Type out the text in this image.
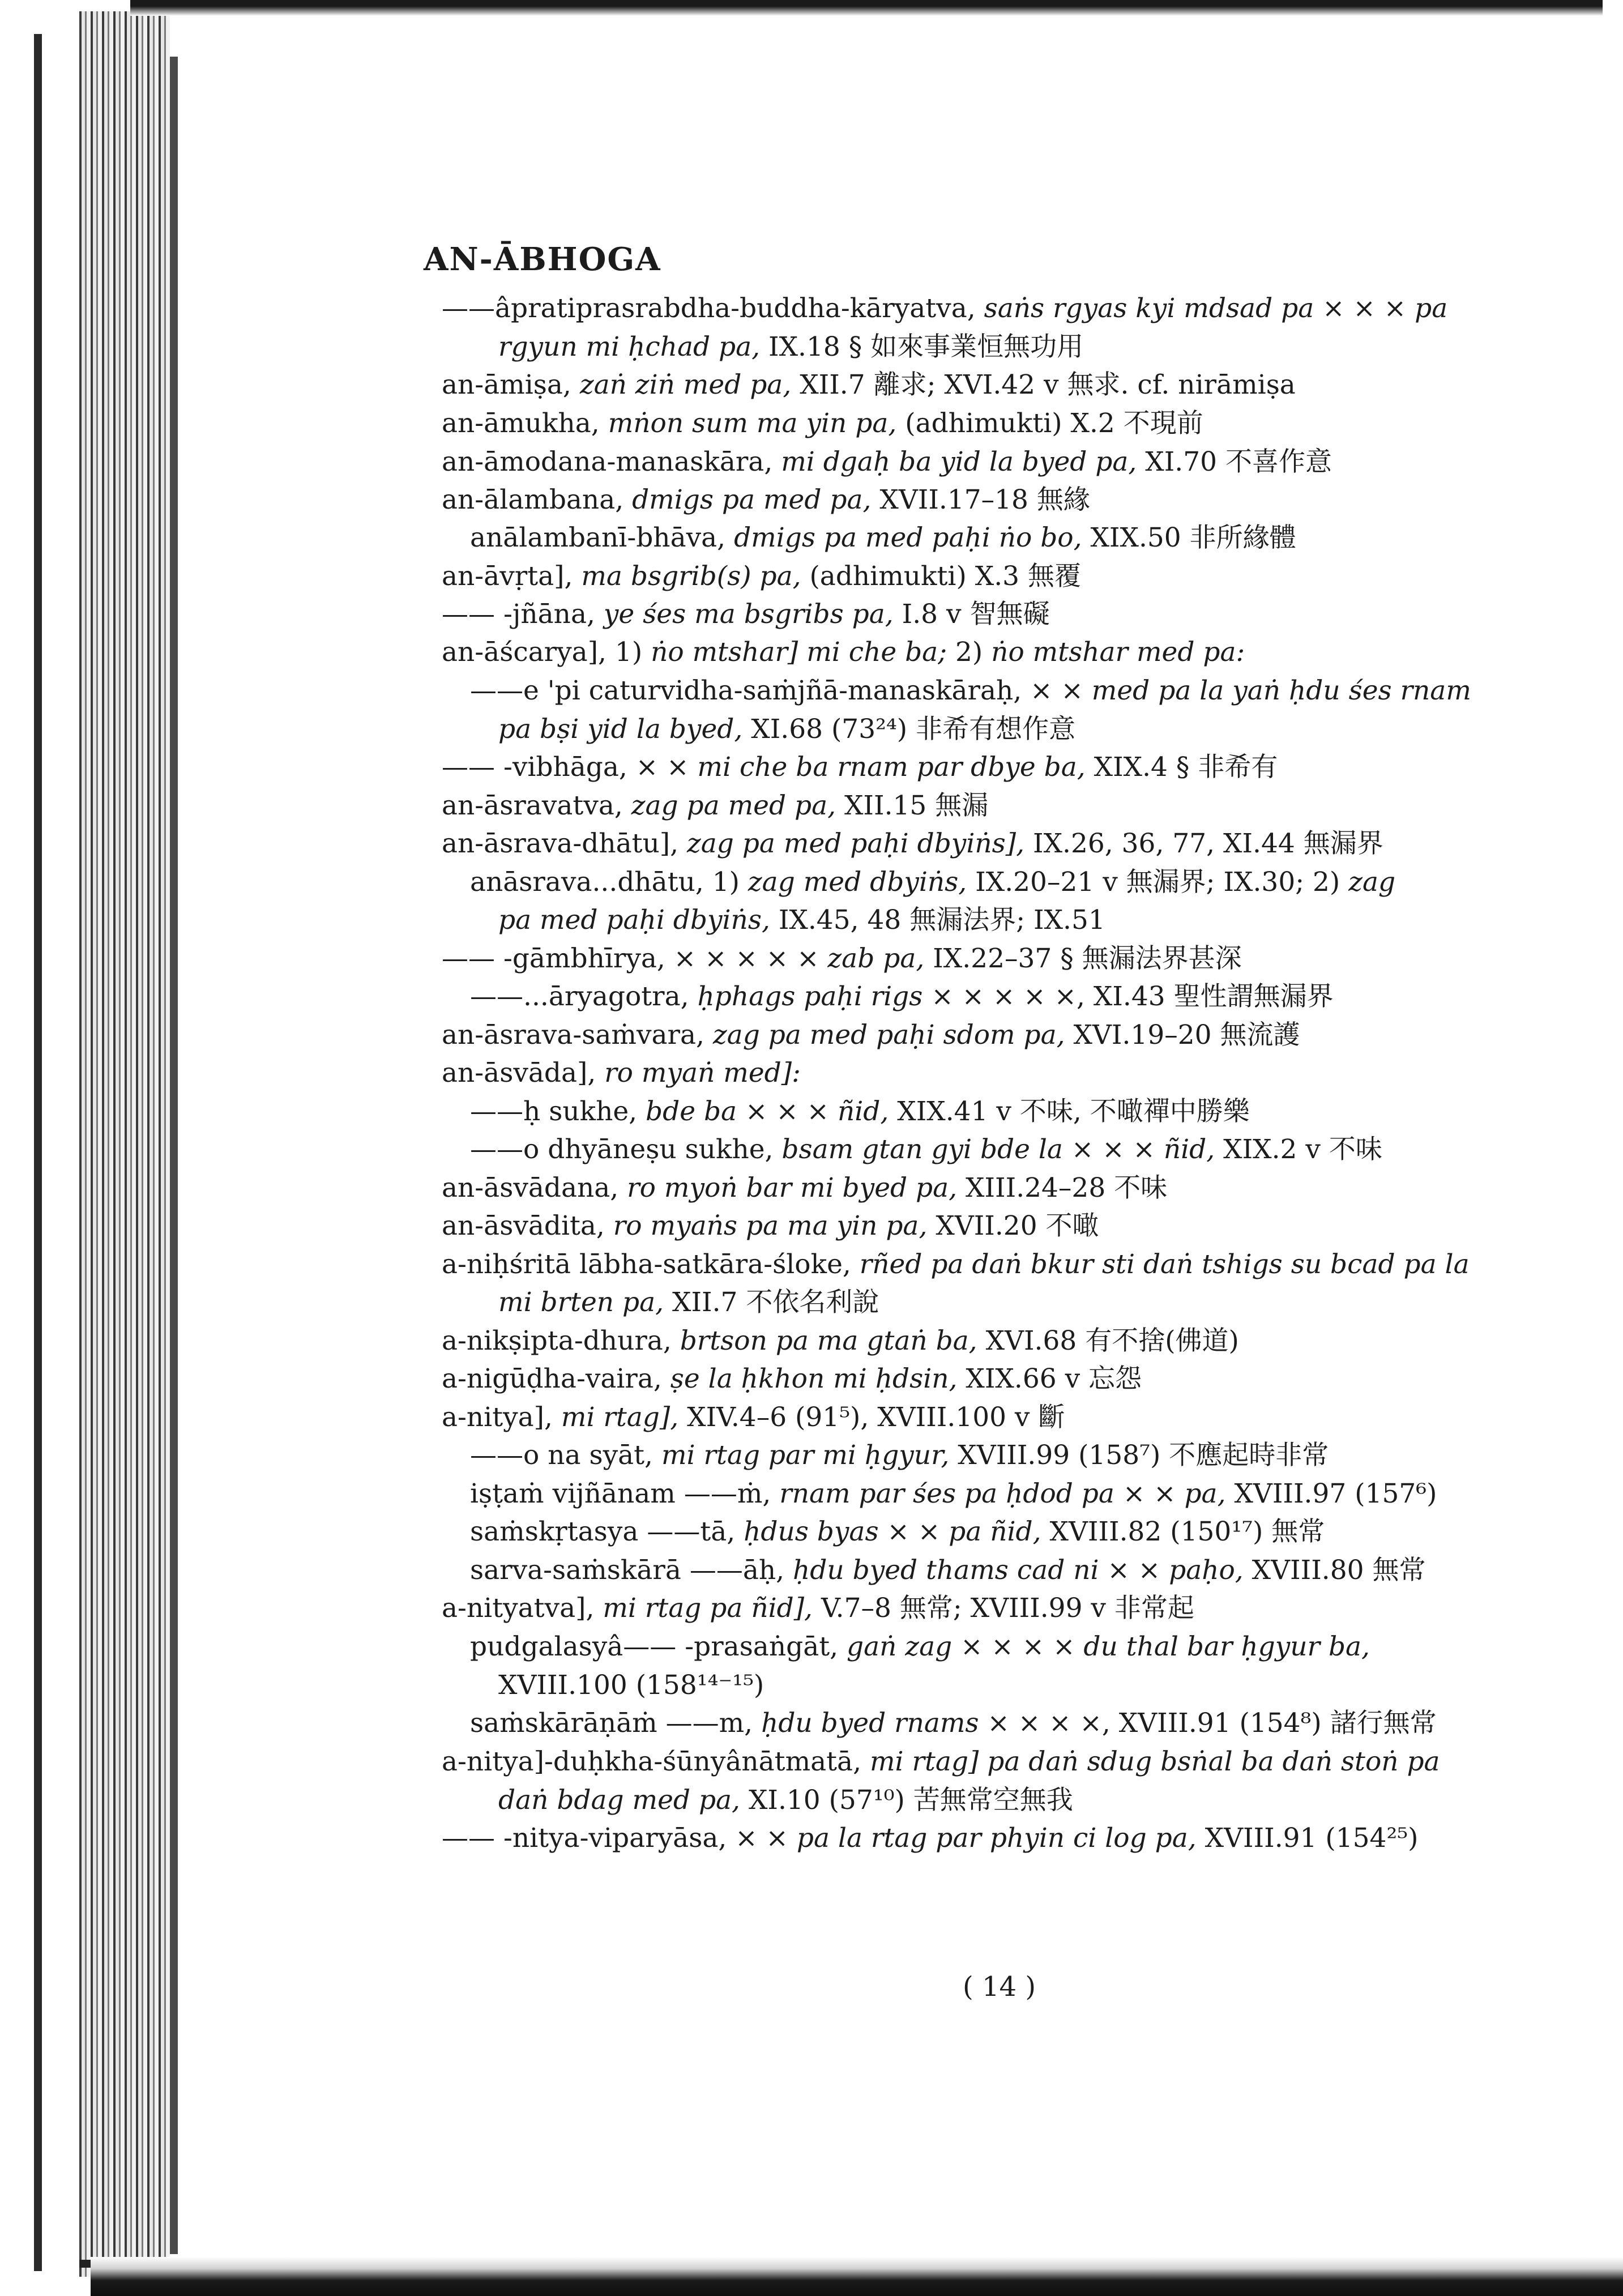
AN-ĀBHOGA
——âpratiprasrabdha-buddha-kāryatva, saṅs rgyas kyi mdsad pa × × × pa
rgyun mi ḥchad pa, IX.18 § 如來事業恒無功用
an-āmiṣa, zaṅ ziṅ med pa, XII.7 離求; XVI.42 v 無求. cf. nirāmiṣa
an-āmukha, mṅon sum ma yin pa, (adhimukti) X.2 不現前
an-āmodana-manaskāra, mi dgaḥ ba yid la byed pa, XI.70 不喜作意
an-ālambana, dmigs pa med pa, XVII.17–18 無緣
anālambanī-bhāva, dmigs pa med paḥi ṅo bo, XIX.50 非所緣體
an-āvṛta], ma bsgrib(s) pa, (adhimukti) X.3 無覆
—— -jñāna, ye śes ma bsgribs pa, I.8 v 智無礙
an-āścarya], 1) ṅo mtshar] mi che ba; 2) ṅo mtshar med pa:
——e 'pi caturvidha-saṁjñā-manaskāraḥ, × × med pa la yaṅ ḥdu śes rnam
pa bṣi yid la byed, XI.68 (73²⁴) 非希有想作意
—— -vibhāga, × × mi che ba rnam par dbye ba, XIX.4 § 非希有
an-āsravatva, zag pa med pa, XII.15 無漏
an-āsrava-dhātu], zag pa med paḥi dbyiṅs], IX.26, 36, 77, XI.44 無漏界
anāsrava...dhātu, 1) zag med dbyiṅs, IX.20–21 v 無漏界; IX.30; 2) zag
pa med paḥi dbyiṅs, IX.45, 48 無漏法界; IX.51
—— -gāmbhīrya, × × × × × zab pa, IX.22–37 § 無漏法界甚深
——...āryagotra, ḥphags paḥi rigs × × × × ×, XI.43 聖性謂無漏界
an-āsrava-saṁvara, zag pa med paḥi sdom pa, XVI.19–20 無流護
an-āsvāda], ro myaṅ med]:
——ḥ sukhe, bde ba × × × ñid, XIX.41 v 不味, 不噉禪中勝樂
——o dhyāneṣu sukhe, bsam gtan gyi bde la × × × ñid, XIX.2 v 不味
an-āsvādana, ro myoṅ bar mi byed pa, XIII.24–28 不味
an-āsvādita, ro myaṅs pa ma yin pa, XVII.20 不噉
a-niḥśritā lābha-satkāra-śloke, rñed pa daṅ bkur sti daṅ tshigs su bcad pa la
mi brten pa, XII.7 不依名利說
a-nikṣipta-dhura, brtson pa ma gtaṅ ba, XVI.68 有不捨(佛道)
a-nigūḍha-vaira, ṣe la ḥkhon mi ḥdsin, XIX.66 v 忘怨
a-nitya], mi rtag], XIV.4–6 (91⁵), XVIII.100 v 斷
——o na syāt, mi rtag par mi ḥgyur, XVIII.99 (158⁷) 不應起時非常
iṣṭaṁ vijñānam ——ṁ, rnam par śes pa ḥdod pa × × pa, XVIII.97 (157⁶)
saṁskṛtasya ——tā, ḥdus byas × × pa ñid, XVIII.82 (150¹⁷) 無常
sarva-saṁskārā ——āḥ, ḥdu byed thams cad ni × × paḥo, XVIII.80 無常
a-nityatva], mi rtag pa ñid], V.7–8 無常; XVIII.99 v 非常起
pudgalasyâ—— -prasaṅgāt, gaṅ zag × × × × du thal bar ḥgyur ba,
XVIII.100 (158¹⁴⁻¹⁵)
saṁskārāṇāṁ ——m, ḥdu byed rnams × × × ×, XVIII.91 (154⁸) 諸行無常
a-nitya]-duḥkha-śūnyânātmatā, mi rtag] pa daṅ sdug bsṅal ba daṅ stoṅ pa
daṅ bdag med pa, XI.10 (57¹⁰) 苦無常空無我
—— -nitya-viparyāsa, × × pa la rtag par phyin ci log pa, XVIII.91 (154²⁵)
( 14 )
